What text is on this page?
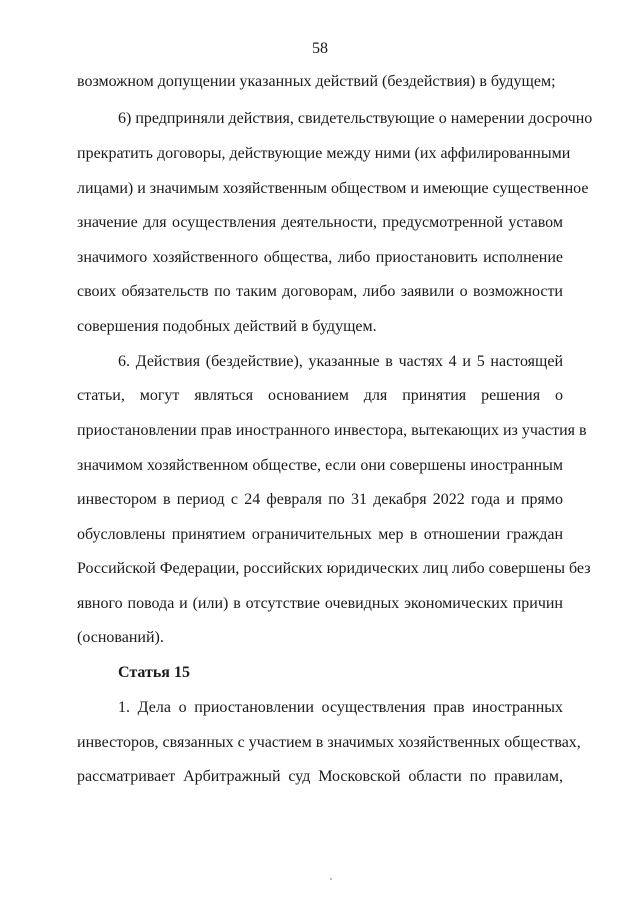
58
возможном допущении указанных действий (бездействия) в будущем;
6) предприняли действия, свидетельствующие о намерении досрочно
прекратить договоры, действующие между ними (их аффилированными
лицами) и значимым хозяйственным обществом и имеющие существенное
значение для осуществления деятельности, предусмотренной уставом
значимого хозяйственного общества, либо приостановить исполнение
своих обязательств по таким договорам, либо заявили о возможности
совершения подобных действий в будущем.
6. Действия (бездействие), указанные в частях 4 и 5 настоящей
статьи, могут являться основанием для принятия решения о
приостановлении прав иностранного инвестора, вытекающих из участия в
значимом хозяйственном обществе, если они совершены иностранным
инвестором в период с 24 февраля по 31 декабря 2022 года и прямо
обусловлены принятием ограничительных мер в отношении граждан
Российской Федерации, российских юридических лиц либо совершены без
явного повода и (или) в отсутствие очевидных экономических причин
(оснований).
Статья 15
1. Дела о приостановлении осуществления прав иностранных
инвесторов, связанных с участием в значимых хозяйственных обществах,
рассматривает Арбитражный суд Московской области по правилам,
